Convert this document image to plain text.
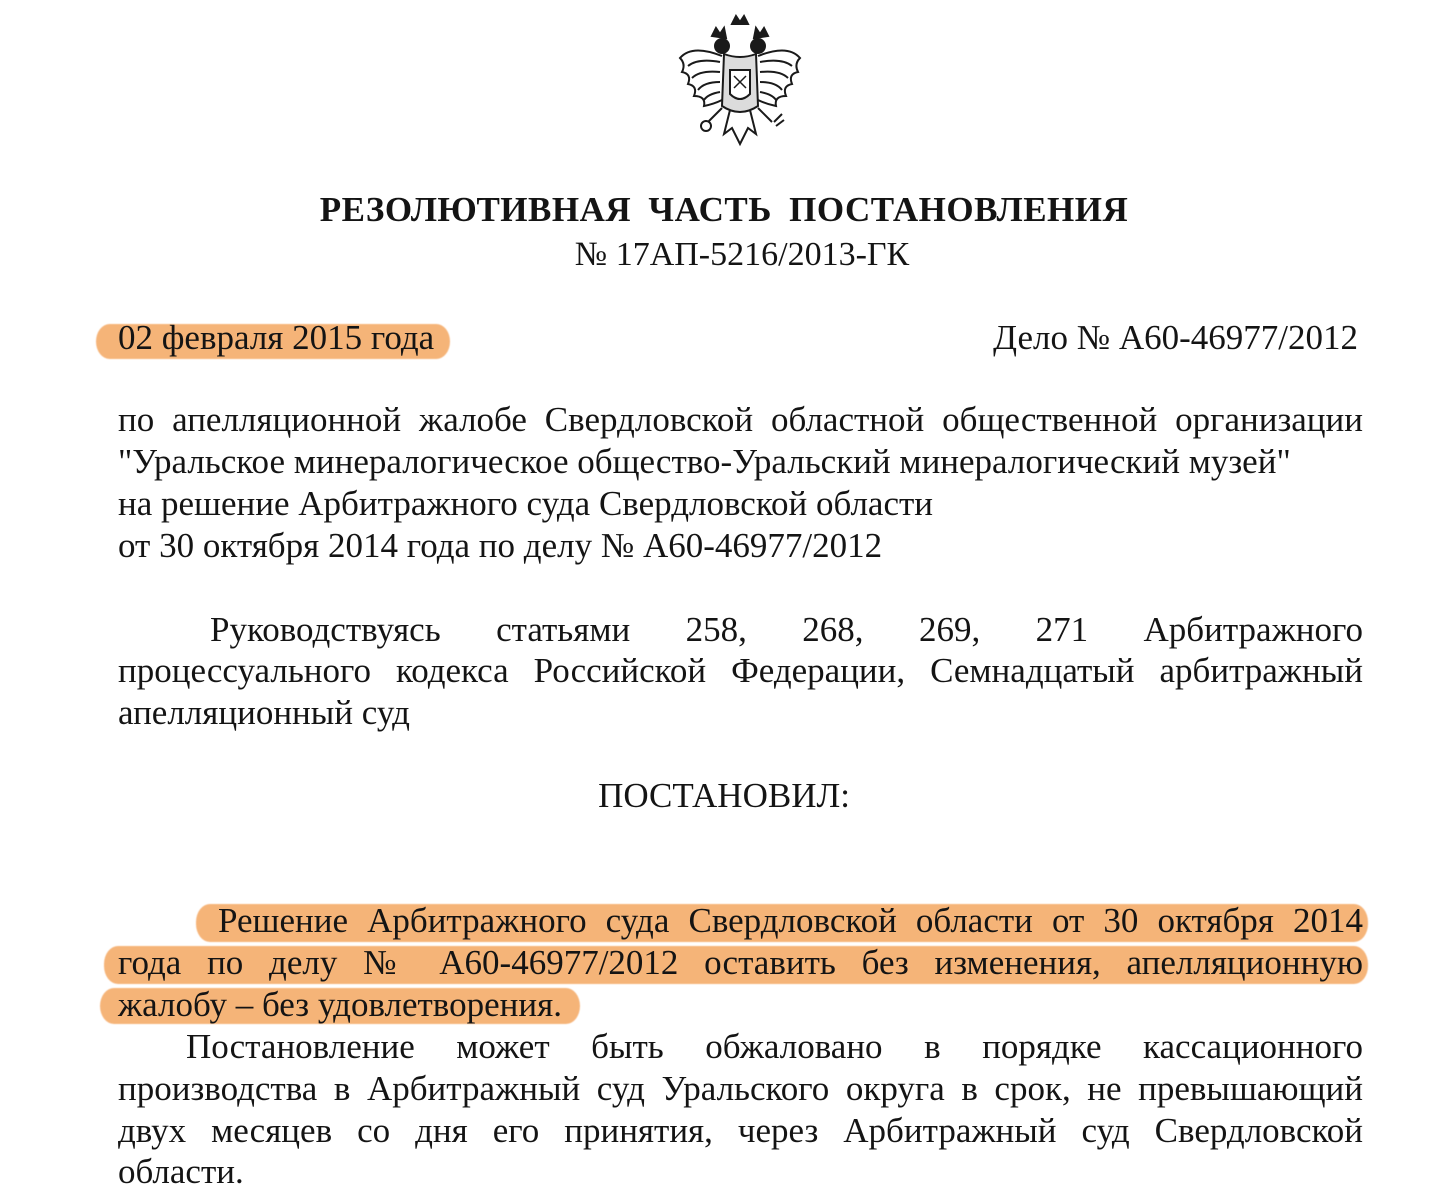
РЕЗОЛЮТИВНАЯ ЧАСТЬ ПОСТАНОВЛЕНИЯ
№ 17АП-5216/2013-ГК
02 февраля 2015 года	Дело № А60-46977/2012
по апелляционной жалобе Свердловской областной общественной организации
"Уральское минералогическое общество-Уральский минералогический музей"
на решение Арбитражного суда Свердловской области
от 30 октября 2014 года по делу № А60-46977/2012
Руководствуясь статьями 258, 268, 269, 271 Арбитражного
процессуального кодекса Российской Федерации, Семнадцатый арбитражный
апелляционный суд
ПОСТАНОВИЛ:
Решение Арбитражного суда Свердловской области от 30 октября 2014
года по делу № А60-46977/2012 оставить без изменения, апелляционную
жалобу – без удовлетворения.
Постановление может быть обжаловано в порядке кассационного
производства в Арбитражный суд Уральского округа в срок, не превышающий
двух месяцев со дня его принятия, через Арбитражный суд Свердловской
области.
